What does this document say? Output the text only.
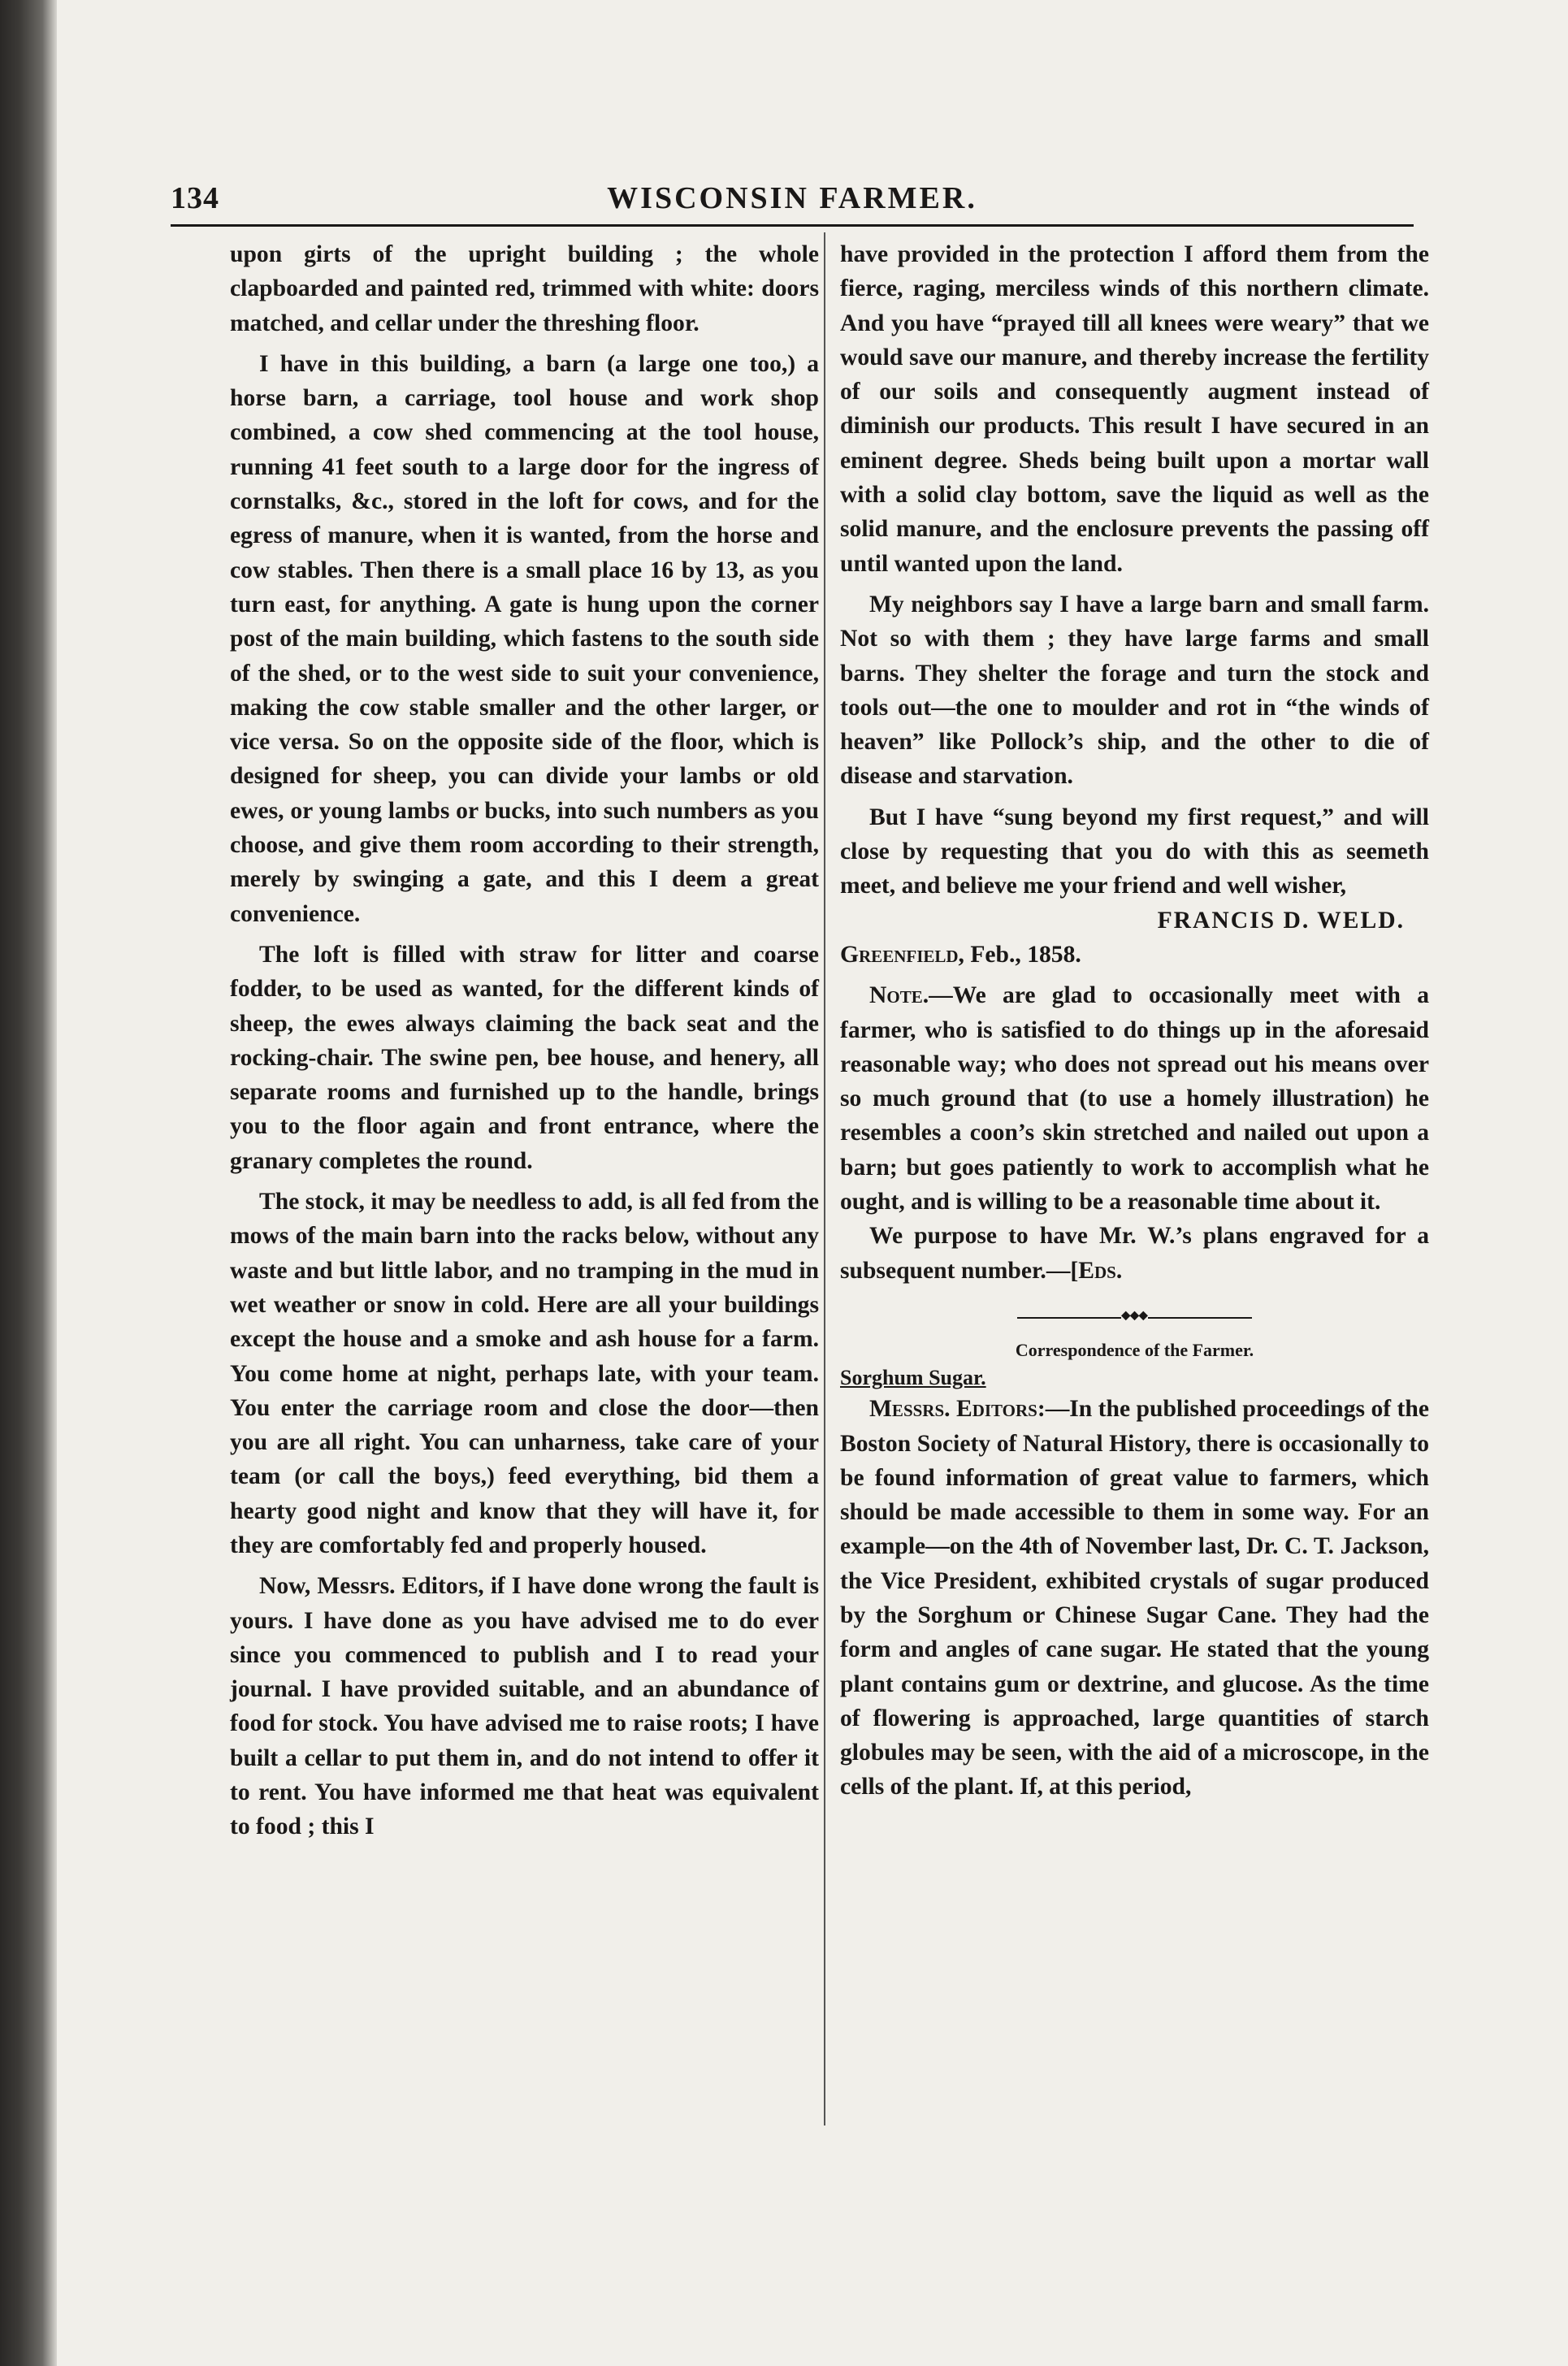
134	WISCONSIN FARMER.

upon girts of the upright building ; the whole clapboarded and painted red, trimmed with white: doors matched, and cellar under the threshing floor.

I have in this building, a barn (a large one too,) a horse barn, a carriage, tool house and work shop combined, a cow shed commencing at the tool house, running 41 feet south to a large door for the ingress of cornstalks, &c., stored in the loft for cows, and for the egress of manure, when it is wanted, from the horse and cow stables. Then there is a small place 16 by 13, as you turn east, for anything. A gate is hung upon the corner post of the main building, which fastens to the south side of the shed, or to the west side to suit your convenience, making the cow stable smaller and the other larger, or vice versa. So on the opposite side of the floor, which is designed for sheep, you can divide your lambs or old ewes, or young lambs or bucks, into such numbers as you choose, and give them room according to their strength, merely by swinging a gate, and this I deem a great convenience.

The loft is filled with straw for litter and coarse fodder, to be used as wanted, for the different kinds of sheep, the ewes always claiming the back seat and the rocking-chair. The swine pen, bee house, and henery, all separate rooms and furnished up to the handle, brings you to the floor again and front entrance, where the granary completes the round.

The stock, it may be needless to add, is all fed from the mows of the main barn into the racks below, without any waste and but little labor, and no tramping in the mud in wet weather or snow in cold. Here are all your buildings except the house and a smoke and ash house for a farm. You come home at night, perhaps late, with your team. You enter the carriage room and close the door—then you are all right. You can unharness, take care of your team (or call the boys,) feed everything, bid them a hearty good night and know that they will have it, for they are comfortably fed and properly housed.

Now, Messrs. Editors, if I have done wrong the fault is yours. I have done as you have advised me to do ever since you commenced to publish and I to read your journal. I have provided suitable, and an abundance of food for stock. You have advised me to raise roots; I have built a cellar to put them in, and do not intend to offer it to rent. You have informed me that heat was equivalent to food ; this I

have provided in the protection I afford them from the fierce, raging, merciless winds of this northern climate. And you have “prayed till all knees were weary” that we would save our manure, and thereby increase the fertility of our soils and consequently augment instead of diminish our products. This result I have secured in an eminent degree. Sheds being built upon a mortar wall with a solid clay bottom, save the liquid as well as the solid manure, and the enclosure prevents the passing off until wanted upon the land.

My neighbors say I have a large barn and small farm. Not so with them ; they have large farms and small barns. They shelter the forage and turn the stock and tools out—the one to moulder and rot in “the winds of heaven” like Pollock’s ship, and the other to die of disease and starvation.

But I have “sung beyond my first request,” and will close by requesting that you do with this as seemeth meet, and believe me your friend and well wisher,

FRANCIS D. WELD.

Greenfield, Feb., 1858.

Note.—We are glad to occasionally meet with a farmer, who is satisfied to do things up in the aforesaid reasonable way; who does not spread out his means over so much ground that (to use a homely illustration) he resembles a coon’s skin stretched and nailed out upon a barn; but goes patiently to work to accomplish what he ought, and is willing to be a reasonable time about it.

We purpose to have Mr. W.’s plans engraved for a subsequent number.—[Eds.

◆◆◆

Correspondence of the Farmer.

Sorghum Sugar.

Messrs. Editors:—In the published proceedings of the Boston Society of Natural History, there is occasionally to be found information of great value to farmers, which should be made accessible to them in some way. For an example—on the 4th of November last, Dr. C. T. Jackson, the Vice President, exhibited crystals of sugar produced by the Sorghum or Chinese Sugar Cane. They had the form and angles of cane sugar. He stated that the young plant contains gum or dextrine, and glucose. As the time of flowering is approached, large quantities of starch globules may be seen, with the aid of a microscope, in the cells of the plant. If, at this period,
